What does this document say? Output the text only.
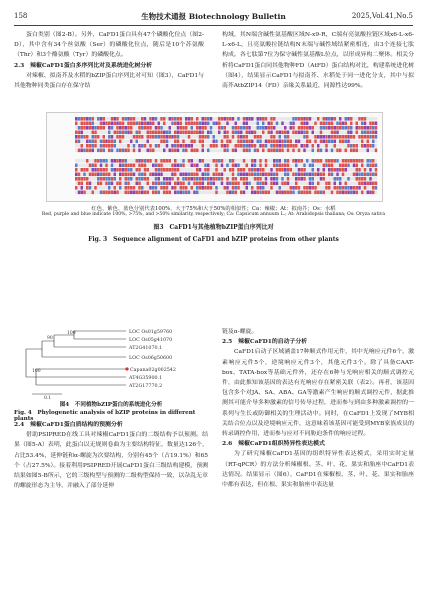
158	生物技术通报 Biotechnology Bulletin	2025,Vol.41,No.5

蛋白类别（图2-B）。另外，CaFD1蛋白具有47个磷酸化位点（图2-D），其中含有34个丝氨酸（Ser）的磷酸化位点，随后是10个苏氨酸（Thr）和3个酪氨酸（Tyr）的磷酸化点。

2.3　辣椒CaFD1蛋白多序列比对及系统进化树分析

对辣椒、拟南芥及水稻的bZIP蛋白序列比对可知（图3），CaFD1与其他物种同类蛋白存在保守结

构域，其N端含碱性氨基酸区域N-x9-R，C端有亮氨酸拉链区域x6-L-x6-L-x6-L，且亮氨酸拉链结构N末端与碱性域结紧密相连，由3个连接七肽构成。各七肽第7位为保守碱性氨基酸L位点，以形成异构二聚体。相关分析将CaFD1蛋白同其他物种FD（AtFD）蛋白结构对比，构建系统进化树（图4），结果显示CaFD1与拟南芥、水稻处于同一进化分支，其中与拟南芥AtbZIP14（FD）亲缘关系最近，同源性达99%。

红色、紫色、蓝色分别代表100%、大于75%和大于50%的相似性；Ca：辣椒；At：拟南芥；Os：水稻
Red, purple and blue indicate 100%, >75%, and >50% similarity, respectively; Ca: Capsicum annuum L.; At: Arabidopsis thaliana; Os: Oryza sativa
图3　CaFD1与其他植物bZIP蛋白序列比对
Fig. 3　Sequence alignment of CaFD1 and bZIP proteins from other plants
100
90
100
LOC Os01g59760
LOC Os05g41070
AT2G41070.1
LOC Os06g50600
Capana02g002542
AT4G35900.1
AT2G17770.2
0.1
图4　不同植物bZIP蛋白的系统进化分析
Fig. 4　Phylogenetic analysis of bZIP proteins in different plants

2.4　辣椒CaFD1蛋白质结构的预测分析

借助PSIPRED在线工具对辣椒CaFD1蛋白的二级结构予以预测。结果（图5-A）表明，此蛋白以无规则卷曲为主要结构特征，数量达126个，占比53.4%，延伸链和α-螺旋为次要结构，分别有45个（占19.1%）和65个（占27.5%）。接着利用PSIPRED开展CaFD1蛋白三级结构建模，预测结果如图5-B所示，它的三级构型与预测的二级构型保持一致，以杂乱无章的螺旋形态为主导，并融入了部分延伸

链及α-螺旋。

2.5　辣椒CaFD1的启动子分析

CaFD1启动子区域涵盖17种顺式作用元件，其中光响应元件6个，激素响应元件5个，逆境响应元件3个，其他元件3个。除了具备CAAT-box、TATA-box等基础元件外，还存在6种与光响应相关的顺式调控元件，由此推知该基因的表达有光响应存在紧密关联（表2）。再者，该基因包含多个对JA、SA、ABA、GA等激素产生响应的顺式调控元件，据此推测其可能介导多种激素的信号传导过程，进而参与到由多种激素调控的一系列与生长或防御相关的生理活动中。同时，在CaFD1上发现了MYB相关结合位点以及逆境响应元件，这意味着该基因可能受到MYB家族成员的转录调控作用，进而参与应对不同胁迫条件的响应过程。

2.6　辣椒CaFD1组织特异性表达模式

为了研究辣椒CaFD1基因的组织特异性表达模式，采用实时定量（RT-qPCR）的方法分析辣椒根、茎、叶、花、果实和胎座中CaFD1表达情况。结果显示（图6），CaFD1在辣椒根、茎、叶、花、果实和胎座中都有表达，但在根、果实和胎座中表达量
